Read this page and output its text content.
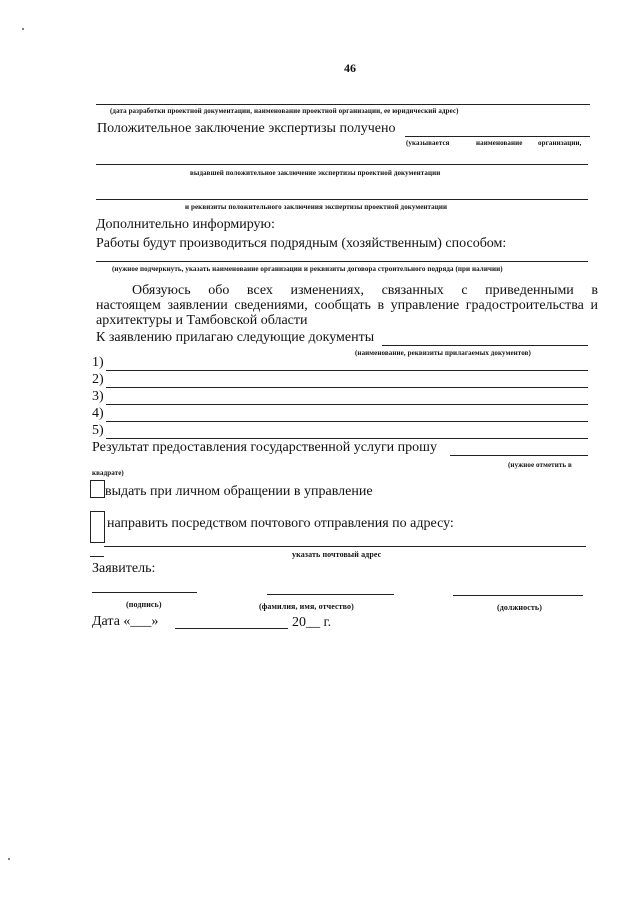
46
(дата разработки проектной документации, наименование проектной организации, ее юридический адрес)
Положительное заключение экспертизы получено
(указывается	наименование организации,
выдавшей положительное заключение экспертизы проектной документации
и реквизиты положительного заключения экспертизы проектной документации
Дополнительно информирую:
Работы будут производиться подрядным (хозяйственным) способом:
(нужное подчеркнуть, указать наименование организации и реквизиты договора строительного подряда (при наличии)
Обязуюсь обо всех изменениях, связанных с приведенными в
настоящем заявлении сведениями, сообщать в управление градостроительства и
архитектуры и Тамбовской области
К заявлению прилагаю следующие документы
(наименование, реквизиты прилагаемых документов)
1)
2)
3)
4)
5)
Результат предоставления государственной услуги прошу
(нужное отметить в
квадрате)
выдать при личном обращении в управление
направить посредством почтового отправления по адресу:
указать почтовый адрес
Заявитель:
(подпись)	(фамилия, имя, отчество)	(должность)
Дата «___»	20__ г.
